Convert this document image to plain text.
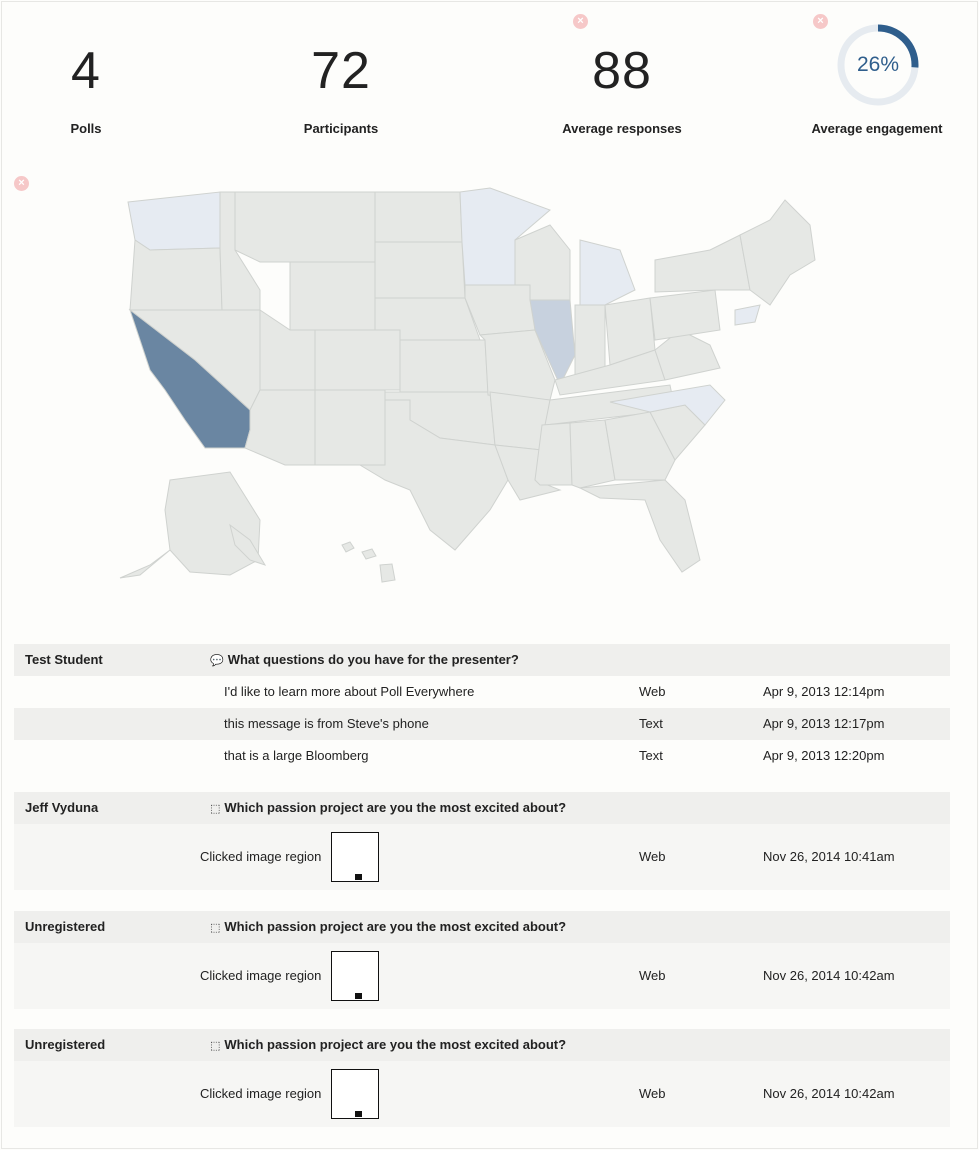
4
Polls
72
Participants
88
Average responses
×
26%
Average engagement
×
×
Test Student	💬 What questions do you have for the presenter?
I'd like to learn more about Poll Everywhere	Web	Apr 9, 2013 12:14pm
this message is from Steve's phone	Text	Apr 9, 2013 12:17pm
that is a large Bloomberg	Text	Apr 9, 2013 12:20pm
Jeff Vyduna	⬚ Which passion project are you the most excited about?
Clicked image region	Web	Nov 26, 2014 10:41am
Unregistered	⬚ Which passion project are you the most excited about?
Clicked image region	Web	Nov 26, 2014 10:42am
Unregistered	⬚ Which passion project are you the most excited about?
Clicked image region	Web	Nov 26, 2014 10:42am
